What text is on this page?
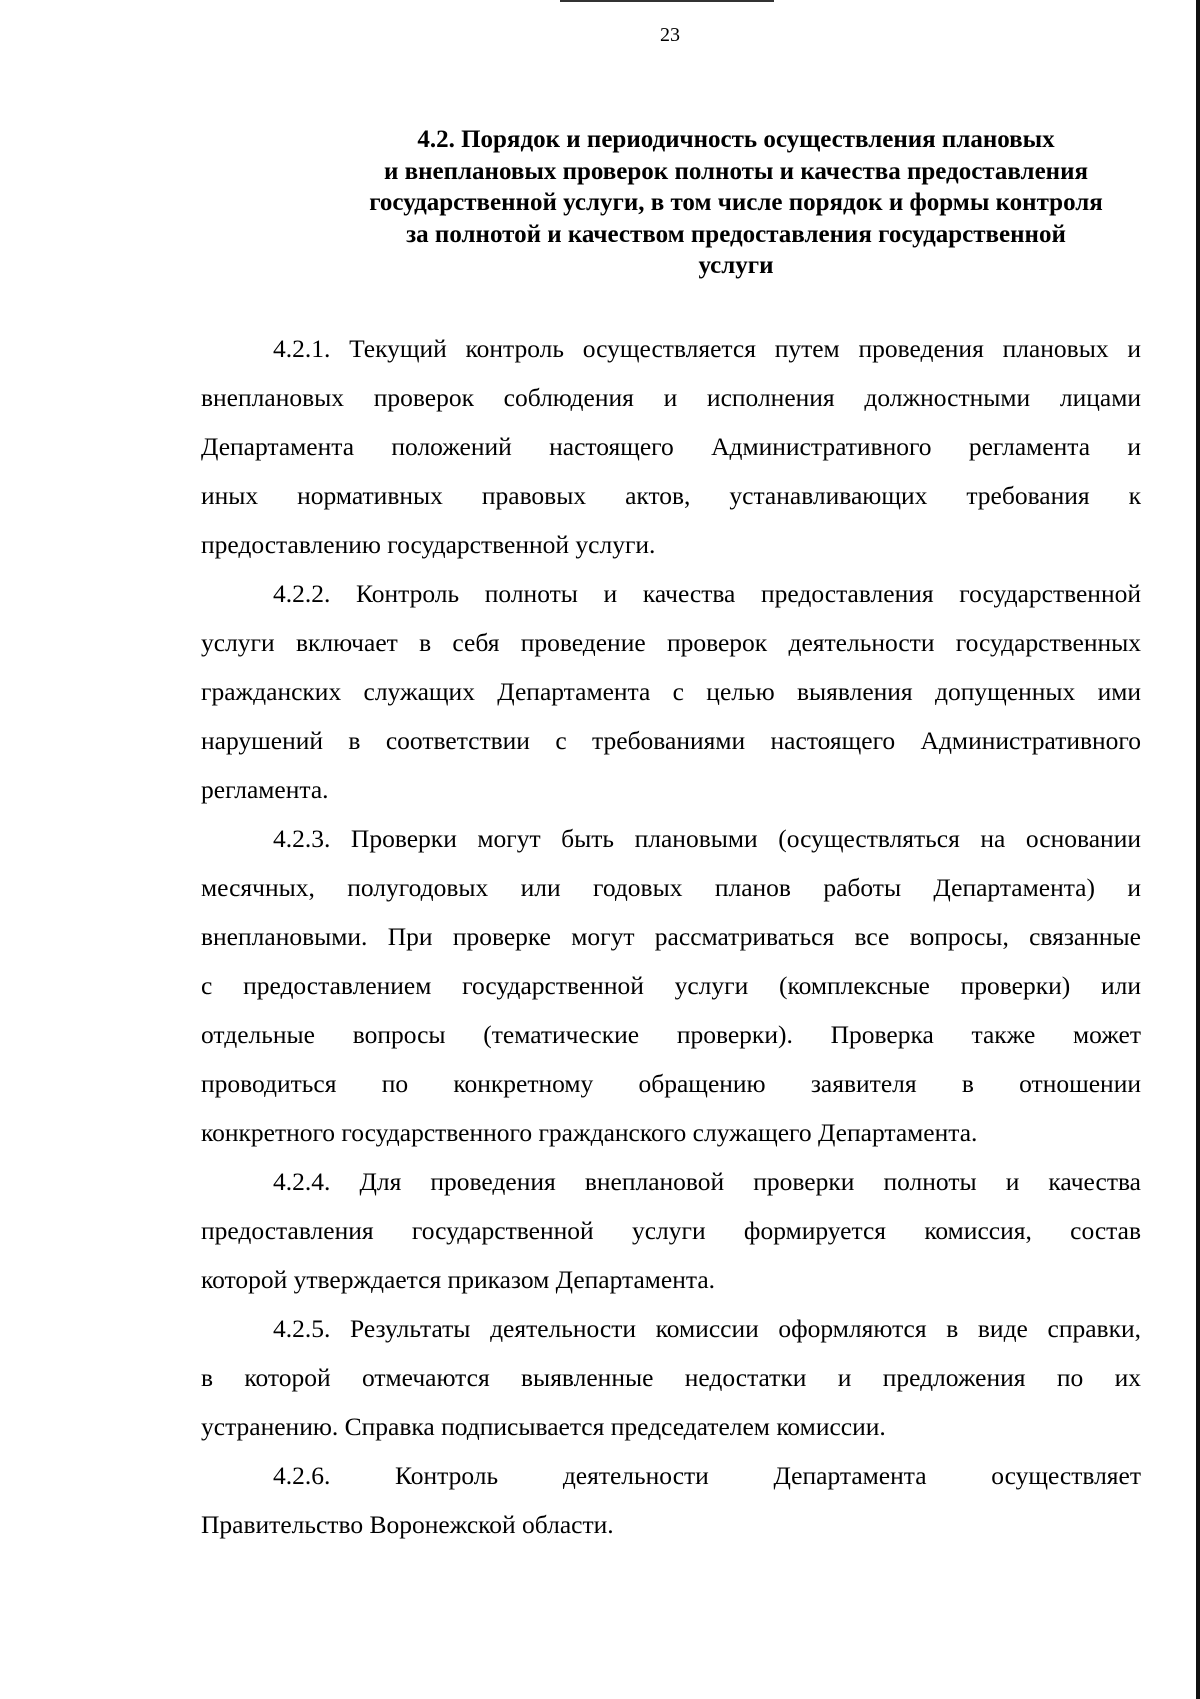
23
4.2. Порядок и периодичность осуществления плановых
и внеплановых проверок полноты и качества предоставления
государственной услуги, в том числе порядок и формы контроля
за полнотой и качеством предоставления государственной
услуги
4.2.1. Текущий контроль осуществляется путем проведения плановых и
внеплановых проверок соблюдения и исполнения должностными лицами
Департамента положений настоящего Административного регламента и
иных нормативных правовых актов, устанавливающих требования к
предоставлению государственной услуги.
4.2.2. Контроль полноты и качества предоставления государственной
услуги включает в себя проведение проверок деятельности государственных
гражданских служащих Департамента с целью выявления допущенных ими
нарушений в соответствии с требованиями настоящего Административного
регламента.
4.2.3. Проверки могут быть плановыми (осуществляться на основании
месячных, полугодовых или годовых планов работы Департамента) и
внеплановыми. При проверке могут рассматриваться все вопросы, связанные
с предоставлением государственной услуги (комплексные проверки) или
отдельные вопросы (тематические проверки). Проверка также может
проводиться по конкретному обращению заявителя в отношении
конкретного государственного гражданского служащего Департамента.
4.2.4. Для проведения внеплановой проверки полноты и качества
предоставления государственной услуги формируется комиссия, состав
которой утверждается приказом Департамента.
4.2.5. Результаты деятельности комиссии оформляются в виде справки,
в которой отмечаются выявленные недостатки и предложения по их
устранению. Справка подписывается председателем комиссии.
4.2.6. Контроль деятельности Департамента осуществляет
Правительство Воронежской области.
